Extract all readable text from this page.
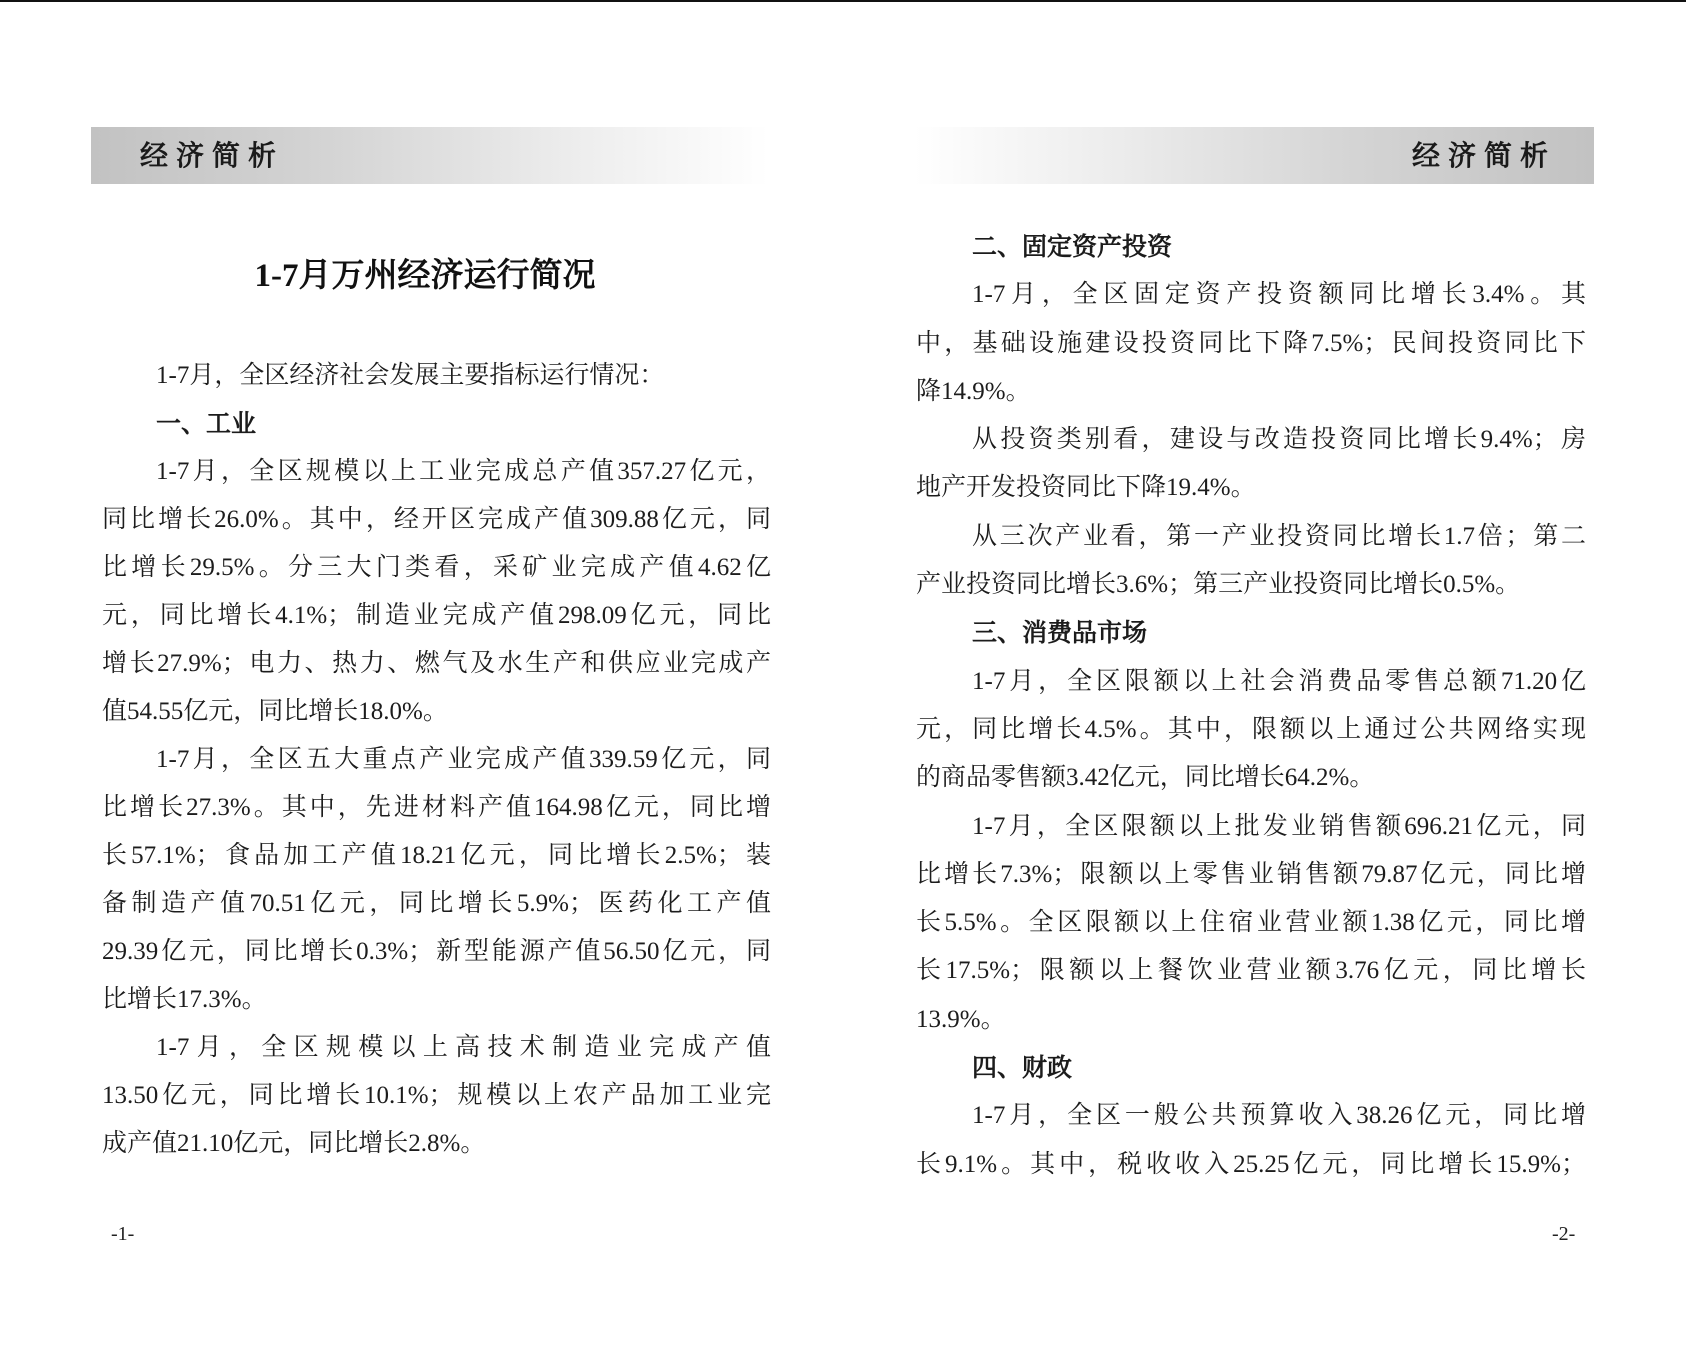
经济简析
1-7月万州经济运行简况
1-7月，全区经济社会发展主要指标运行情况：
一、工业
1-7月，全区规模以上工业完成总产值357.27亿元，
同比增长26.0%。其中，经开区完成产值309.88亿元，同
比增长29.5%。分三大门类看，采矿业完成产值4.62亿
元，同比增长4.1%；制造业完成产值298.09亿元，同比
增长27.9%；电力、热力、燃气及水生产和供应业完成产
值54.55亿元，同比增长18.0%。
1-7月，全区五大重点产业完成产值339.59亿元，同
比增长27.3%。其中，先进材料产值164.98亿元，同比增
长57.1%；食品加工产值18.21亿元，同比增长2.5%；装
备制造产值70.51亿元，同比增长5.9%；医药化工产值
29.39亿元，同比增长0.3%；新型能源产值56.50亿元，同
比增长17.3%。
1-7月，全区规模以上高技术制造业完成产值
13.50亿元，同比增长10.1%；规模以上农产品加工业完
成产值21.10亿元，同比增长2.8%。
-1-
经济简析
二、固定资产投资
1-7月，全区固定资产投资额同比增长3.4%。其
中，基础设施建设投资同比下降7.5%；民间投资同比下
降14.9%。
从投资类别看，建设与改造投资同比增长9.4%；房
地产开发投资同比下降19.4%。
从三次产业看，第一产业投资同比增长1.7倍；第二
产业投资同比增长3.6%；第三产业投资同比增长0.5%。
三、消费品市场
1-7月，全区限额以上社会消费品零售总额71.20亿
元，同比增长4.5%。其中，限额以上通过公共网络实现
的商品零售额3.42亿元，同比增长64.2%。
1-7月，全区限额以上批发业销售额696.21亿元，同
比增长7.3%；限额以上零售业销售额79.87亿元，同比增
长5.5%。全区限额以上住宿业营业额1.38亿元，同比增
长17.5%；限额以上餐饮业营业额3.76亿元，同比增长
13.9%。
四、财政
1-7月，全区一般公共预算收入38.26亿元，同比增
长9.1%。其中，税收收入25.25亿元，同比增长15.9%；
-2-
